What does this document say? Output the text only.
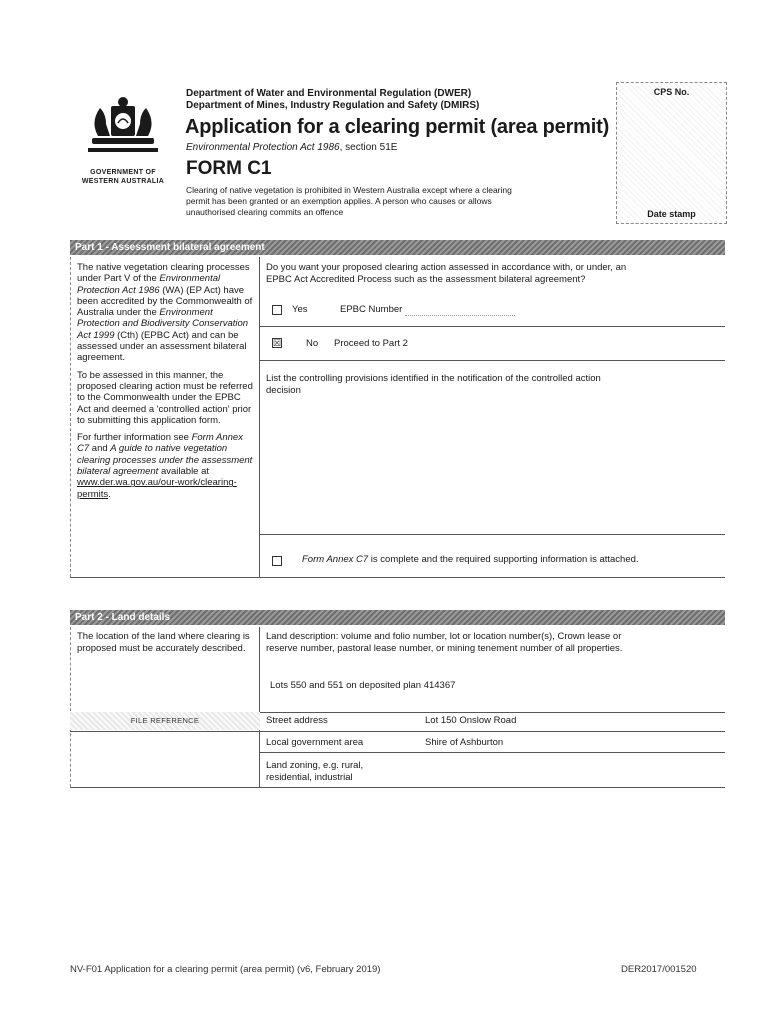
GOVERNMENT OF
WESTERN AUSTRALIA
Department of Water and Environmental Regulation (DWER)
Department of Mines, Industry Regulation and Safety (DMIRS)
Application for a clearing permit (area permit)
Environmental Protection Act 1986, section 51E
FORM C1
Clearing of native vegetation is prohibited in Western Australia except where a clearing
permit has been granted or an exemption applies. A person who causes or allows
unauthorised clearing commits an offence
CPS No.
Date stamp
Part 1 - Assessment bilateral agreement

The native vegetation clearing processes under Part V of the Environmental Protection Act 1986 (WA) (EP Act) have been accredited by the Commonwealth of Australia under the Environment Protection and Biodiversity Conservation Act 1999 (Cth) (EPBC Act) and can be assessed under an assessment bilateral agreement.

To be assessed in this manner, the proposed clearing action must be referred to the Commonwealth under the EPBC Act and deemed a 'controlled action' prior to submitting this application form.

For further information see Form Annex C7 and A guide to native vegetation clearing processes under the assessment bilateral agreement available at www.der.wa.gov.au/our-work/clearing-permits.

Do you want your proposed clearing action assessed in accordance with, or under, an
EPBC Act Accredited Process such as the assessment bilateral agreement?
Yes	EPBC Number
☒	No Proceed to Part 2
List the controlling provisions identified in the notification of the controlled action
decision
Form Annex C7 is complete and the required supporting information is attached.
Part 2 - Land details
The location of the land where clearing is proposed must be accurately described.
FILE REFERENCE
Land description: volume and folio number, lot or location number(s), Crown lease or
reserve number, pastoral lease number, or mining tenement number of all properties.
Lots 550 and 551 on deposited plan 414367
Street address	Lot 150 Onslow Road
Local government area	Shire of Ashburton
Land zoning, e.g. rural,
residential, industrial
NV-F01 Application for a clearing permit (area permit) (v6, February 2019)	DER2017/001520
